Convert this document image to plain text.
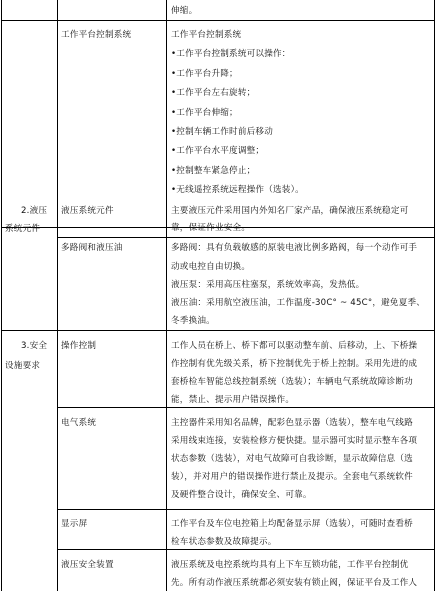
伸缩。
工作平台控制系统	工作平台控制系统
•工作平台控制系统可以操作：
•工作平台升降；
•工作平台左右旋转；
•工作平台伸缩；
•控制车辆工作时前后移动
•工作平台水平度调整；
•控制整车紧急停止；
•无线遥控系统远程操作（选装）。
2.液压
系统元件
液压系统元件	主要液压元件采用国内外知名厂家产品，确保液压系统稳定可
靠，保证作业安全。
多路阀和液压油	多路阀：具有负载敏感的原装电液比例多路阀，每一个动作可手
动或电控自由切换。
液压泵：采用高压柱塞泵，系统效率高，发热低。
液压油：采用航空液压油，工作温度-30C° ~ 45C°，避免夏季、
冬季换油。
3.安全
设施要求
操作控制	工作人员在桥上、桥下都可以驱动整车前、后移动，上、下桥操
作控制有优先级关系，桥下控制优先于桥上控制。采用先进的成
套桥检车智能总线控制系统（选装）；车辆电气系统故障诊断功
能，禁止、提示用户错误操作。
电气系统	主控器件采用知名品牌，配彩色显示器（选装），整车电气线路
采用线束连接，安装检修方便快捷。显示器可实时显示整车各项
状态参数（选装），对电气故障可自我诊断，显示故障信息（选
装），并对用户的错误操作进行禁止及提示。全套电气系统软件
及硬件整合设计，确保安全、可靠。
显示屏	工作平台及车位电控箱上均配备显示屏（选装），可随时查看桥
检车状态参数及故障提示。
液压安全装置	液压系统及电控系统均具有上下车互锁功能，工作平台控制优
先。所有动作液压系统都必须安装有锁止阀，保证平台及工作人
